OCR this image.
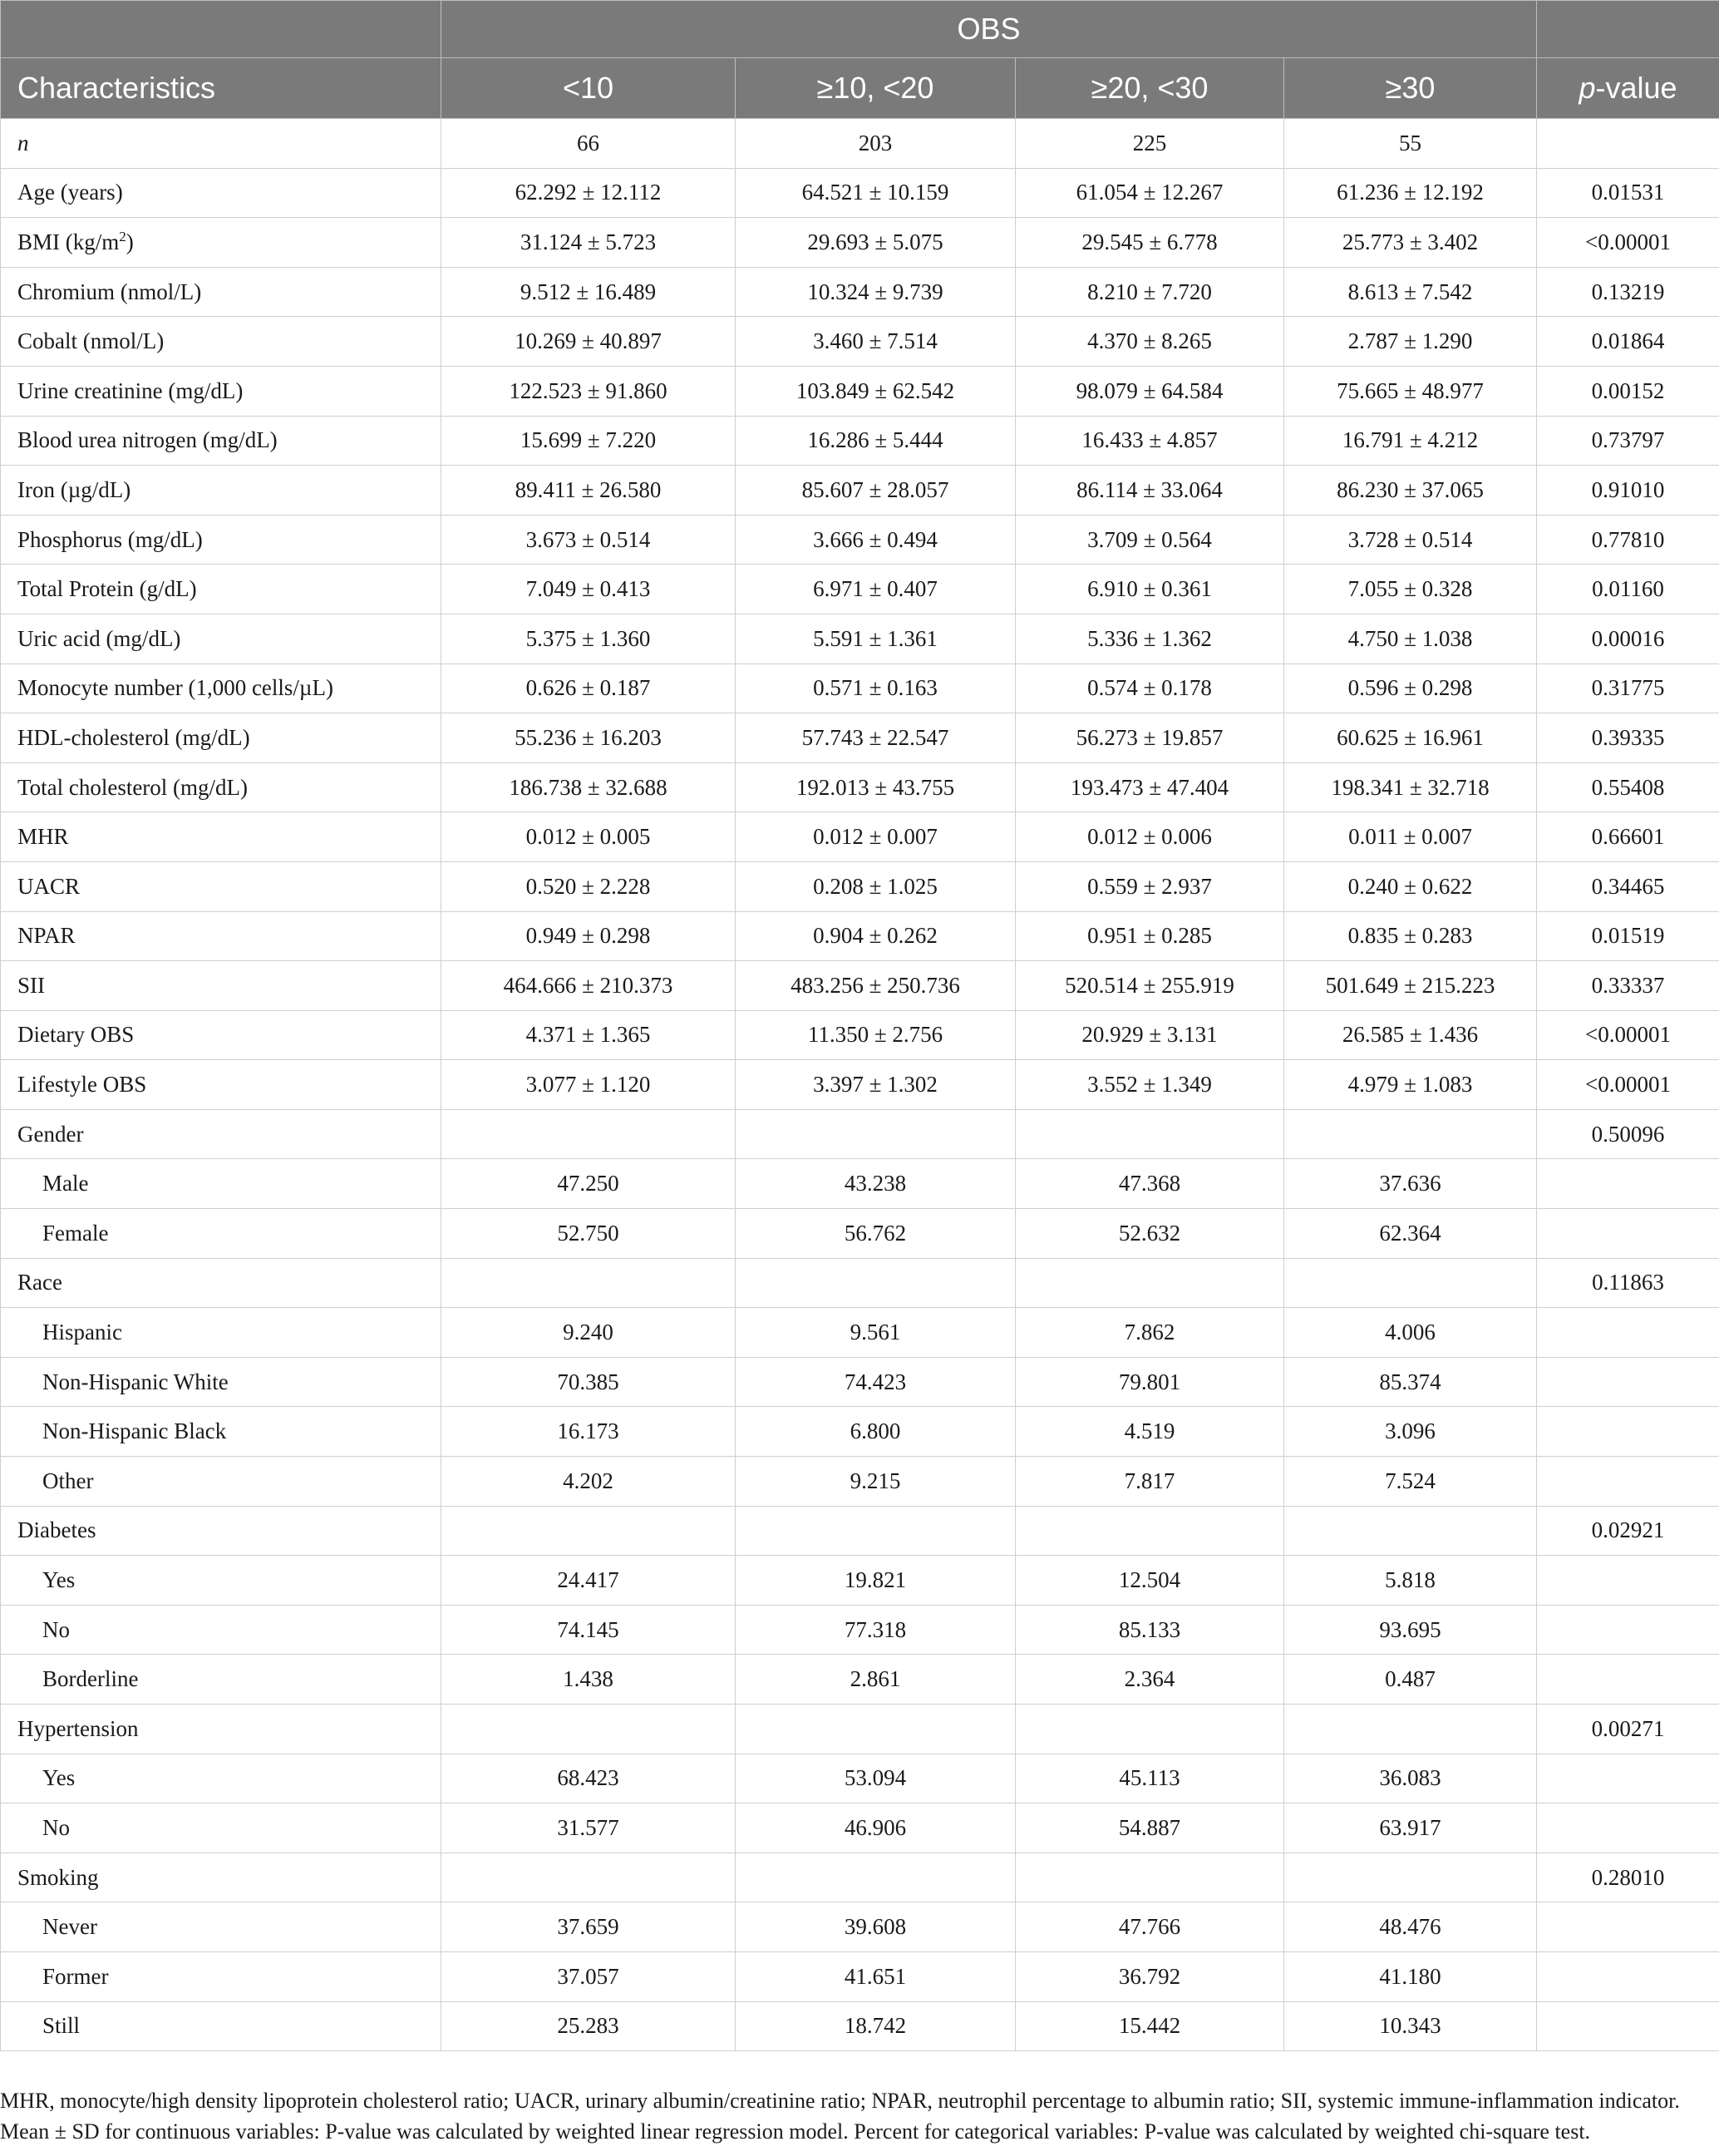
	OBS				
Characteristics	<10	≥10, <20	≥20, <30	≥30	p-value
n	66	203	225	55	
Age (years)	62.292 ± 12.112	64.521 ± 10.159	61.054 ± 12.267	61.236 ± 12.192	0.01531
BMI $(kg/m^2)$	31.124 ± 5.723	29.693 ± 5.075	29.545 ± 6.778	25.773 ± 3.402	<0.00001
Chromium (nmol/L)	9.512 ± 16.489	10.324 ± 9.739	8.210 ± 7.720	8.613 ± 7.542	0.13219
Cobalt (nmol/L)	10.269 ± 40.897	3.460 ± 7.514	4.370 ± 8.265	2.787 ± 1.290	0.01864
Urine creatinine (mg/dL)	122.523 ± 91.860	103.849 ± 62.542	98.079 ± 64.584	75.665 ± 48.977	0.00152
Blood urea nitrogen (mg/dL)	15.699 ± 7.220	16.286 ± 5.444	16.433 ± 4.857	16.791 ± 4.212	0.73797
Iron (µg/dL)	89.411 ± 26.580	85.607 ± 28.057	86.114 ± 33.064	86.230 ± 37.065	0.91010
Phosphorus (mg/dL)	3.673 ± 0.514	3.666 ± 0.494	3.709 ± 0.564	3.728 ± 0.514	0.77810
Total Protein (g/dL)	7.049 ± 0.413	6.971 ± 0.407	6.910 ± 0.361	7.055 ± 0.328	0.01160
Uric acid (mg/dL)	5.375 ± 1.360	5.591 ± 1.361	5.336 ± 1.362	4.750 ± 1.038	0.00016
Monocyte number (1,000 cells/µL)	0.626 ± 0.187	0.571 ± 0.163	0.574 ± 0.178	0.596 ± 0.298	0.31775
HDL-cholesterol (mg/dL)	55.236 ± 16.203	57.743 ± 22.547	56.273 ± 19.857	60.625 ± 16.961	0.39335
Total cholesterol (mg/dL)	186.738 ± 32.688	192.013 ± 43.755	193.473 ± 47.404	198.341 ± 32.718	0.55408
MHR	0.012 ± 0.005	0.012 ± 0.007	0.012 ± 0.006	0.011 ± 0.007	0.66601
UACR	0.520 ± 2.228	0.208 ± 1.025	0.559 ± 2.937	0.240 ± 0.622	0.34465
NPAR	0.949 ± 0.298	0.904 ± 0.262	0.951 ± 0.285	0.835 ± 0.283	0.01519
SII	464.666 ± 210.373	483.256 ± 250.736	520.514 ± 255.919	501.649 ± 215.223	0.33337
Dietary OBS	4.371 ± 1.365	11.350 ± 2.756	20.929 ± 3.131	26.585 ± 1.436	<0.00001
Lifestyle OBS	3.077 ± 1.120	3.397 ± 1.302	3.552 ± 1.349	4.979 ± 1.083	<0.00001
Gender					0.50096
Male	47.250	43.238	47.368	37.636	
Female	52.750	56.762	52.632	62.364	
Race					0.11863
Hispanic	9.240	9.561	7.862	4.006	
Non-Hispanic White	70.385	74.423	79.801	85.374	
Non-Hispanic Black	16.173	6.800	4.519	3.096	
Other	4.202	9.215	7.817	7.524	
Diabetes					0.02921
Yes	24.417	19.821	12.504	5.818	
No	74.145	77.318	85.133	93.695	
Borderline	1.438	2.861	2.364	0.487	
Hypertension					0.00271
Yes	68.423	53.094	45.113	36.083	
No	31.577	46.906	54.887	63.917	
Smoking					0.28010
Never	37.659	39.608	47.766	48.476	
Former	37.057	41.651	36.792	41.180	
Still	25.283	18.742	15.442	10.343	
MHR, monocyte/high density lipoprotein cholesterol ratio; UACR, urinary albumin/creatinine ratio; NPAR, neutrophil percentage to albumin ratio; SII, systemic immune-inflammation indicator. Mean ± SD for continuous variables: P-value was calculated by weighted linear regression model. Percent for categorical variables: P-value was calculated by weighted chi-square test.
